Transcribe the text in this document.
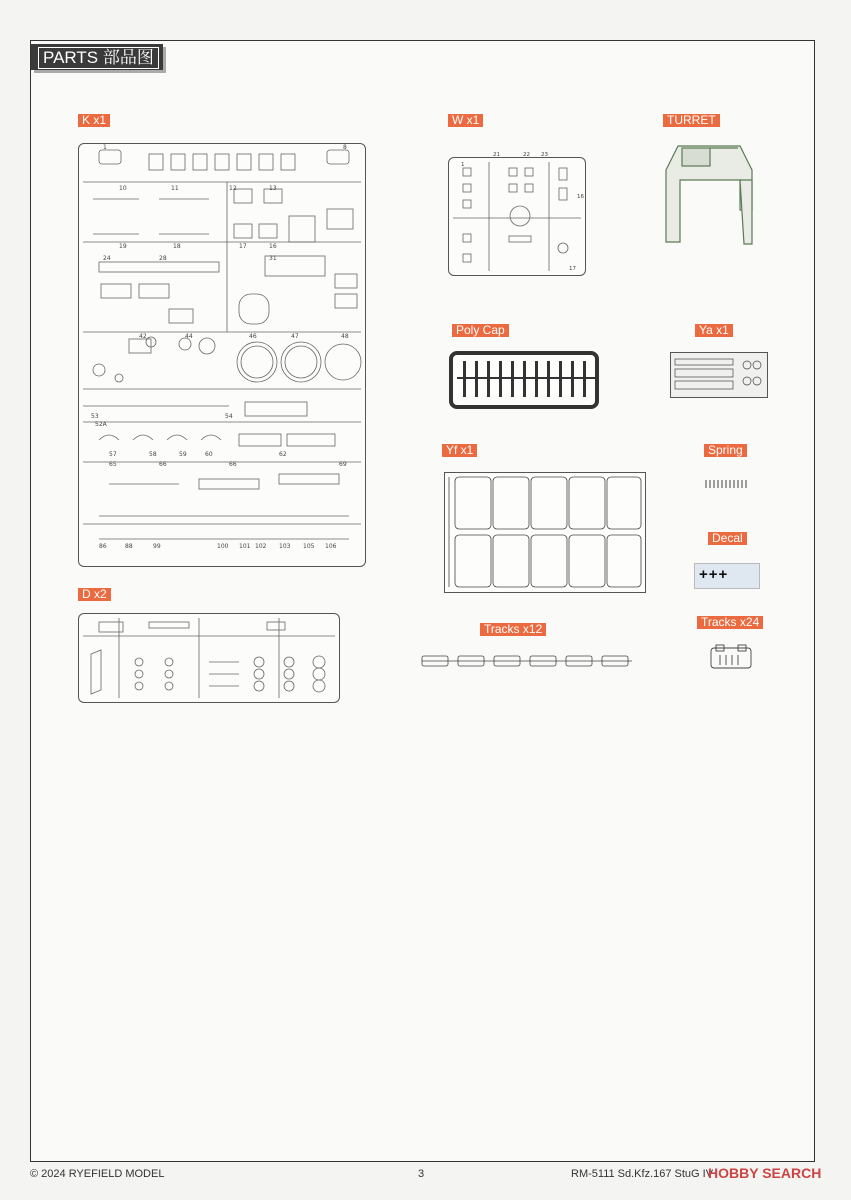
PARTS 部品图
K x1	W x1	TURRET
Poly Cap	Ya x1
Yf x1	Spring
Decal
D x2
Tracks x12	Tracks x24
1	8
10	11	12	13
19	18	17	16
24	28	31
42	44	46	47	48
53
52A
54
57	58	59	60	62
65	66	66	69
86	88	99	100 101 102 103 105 106
21	22 23
1
16
17
+++
© 2024 RYEFIELD MODEL	3	RM-5111 Sd.Kfz.167 StuG IV
HOBBY SEARCH
